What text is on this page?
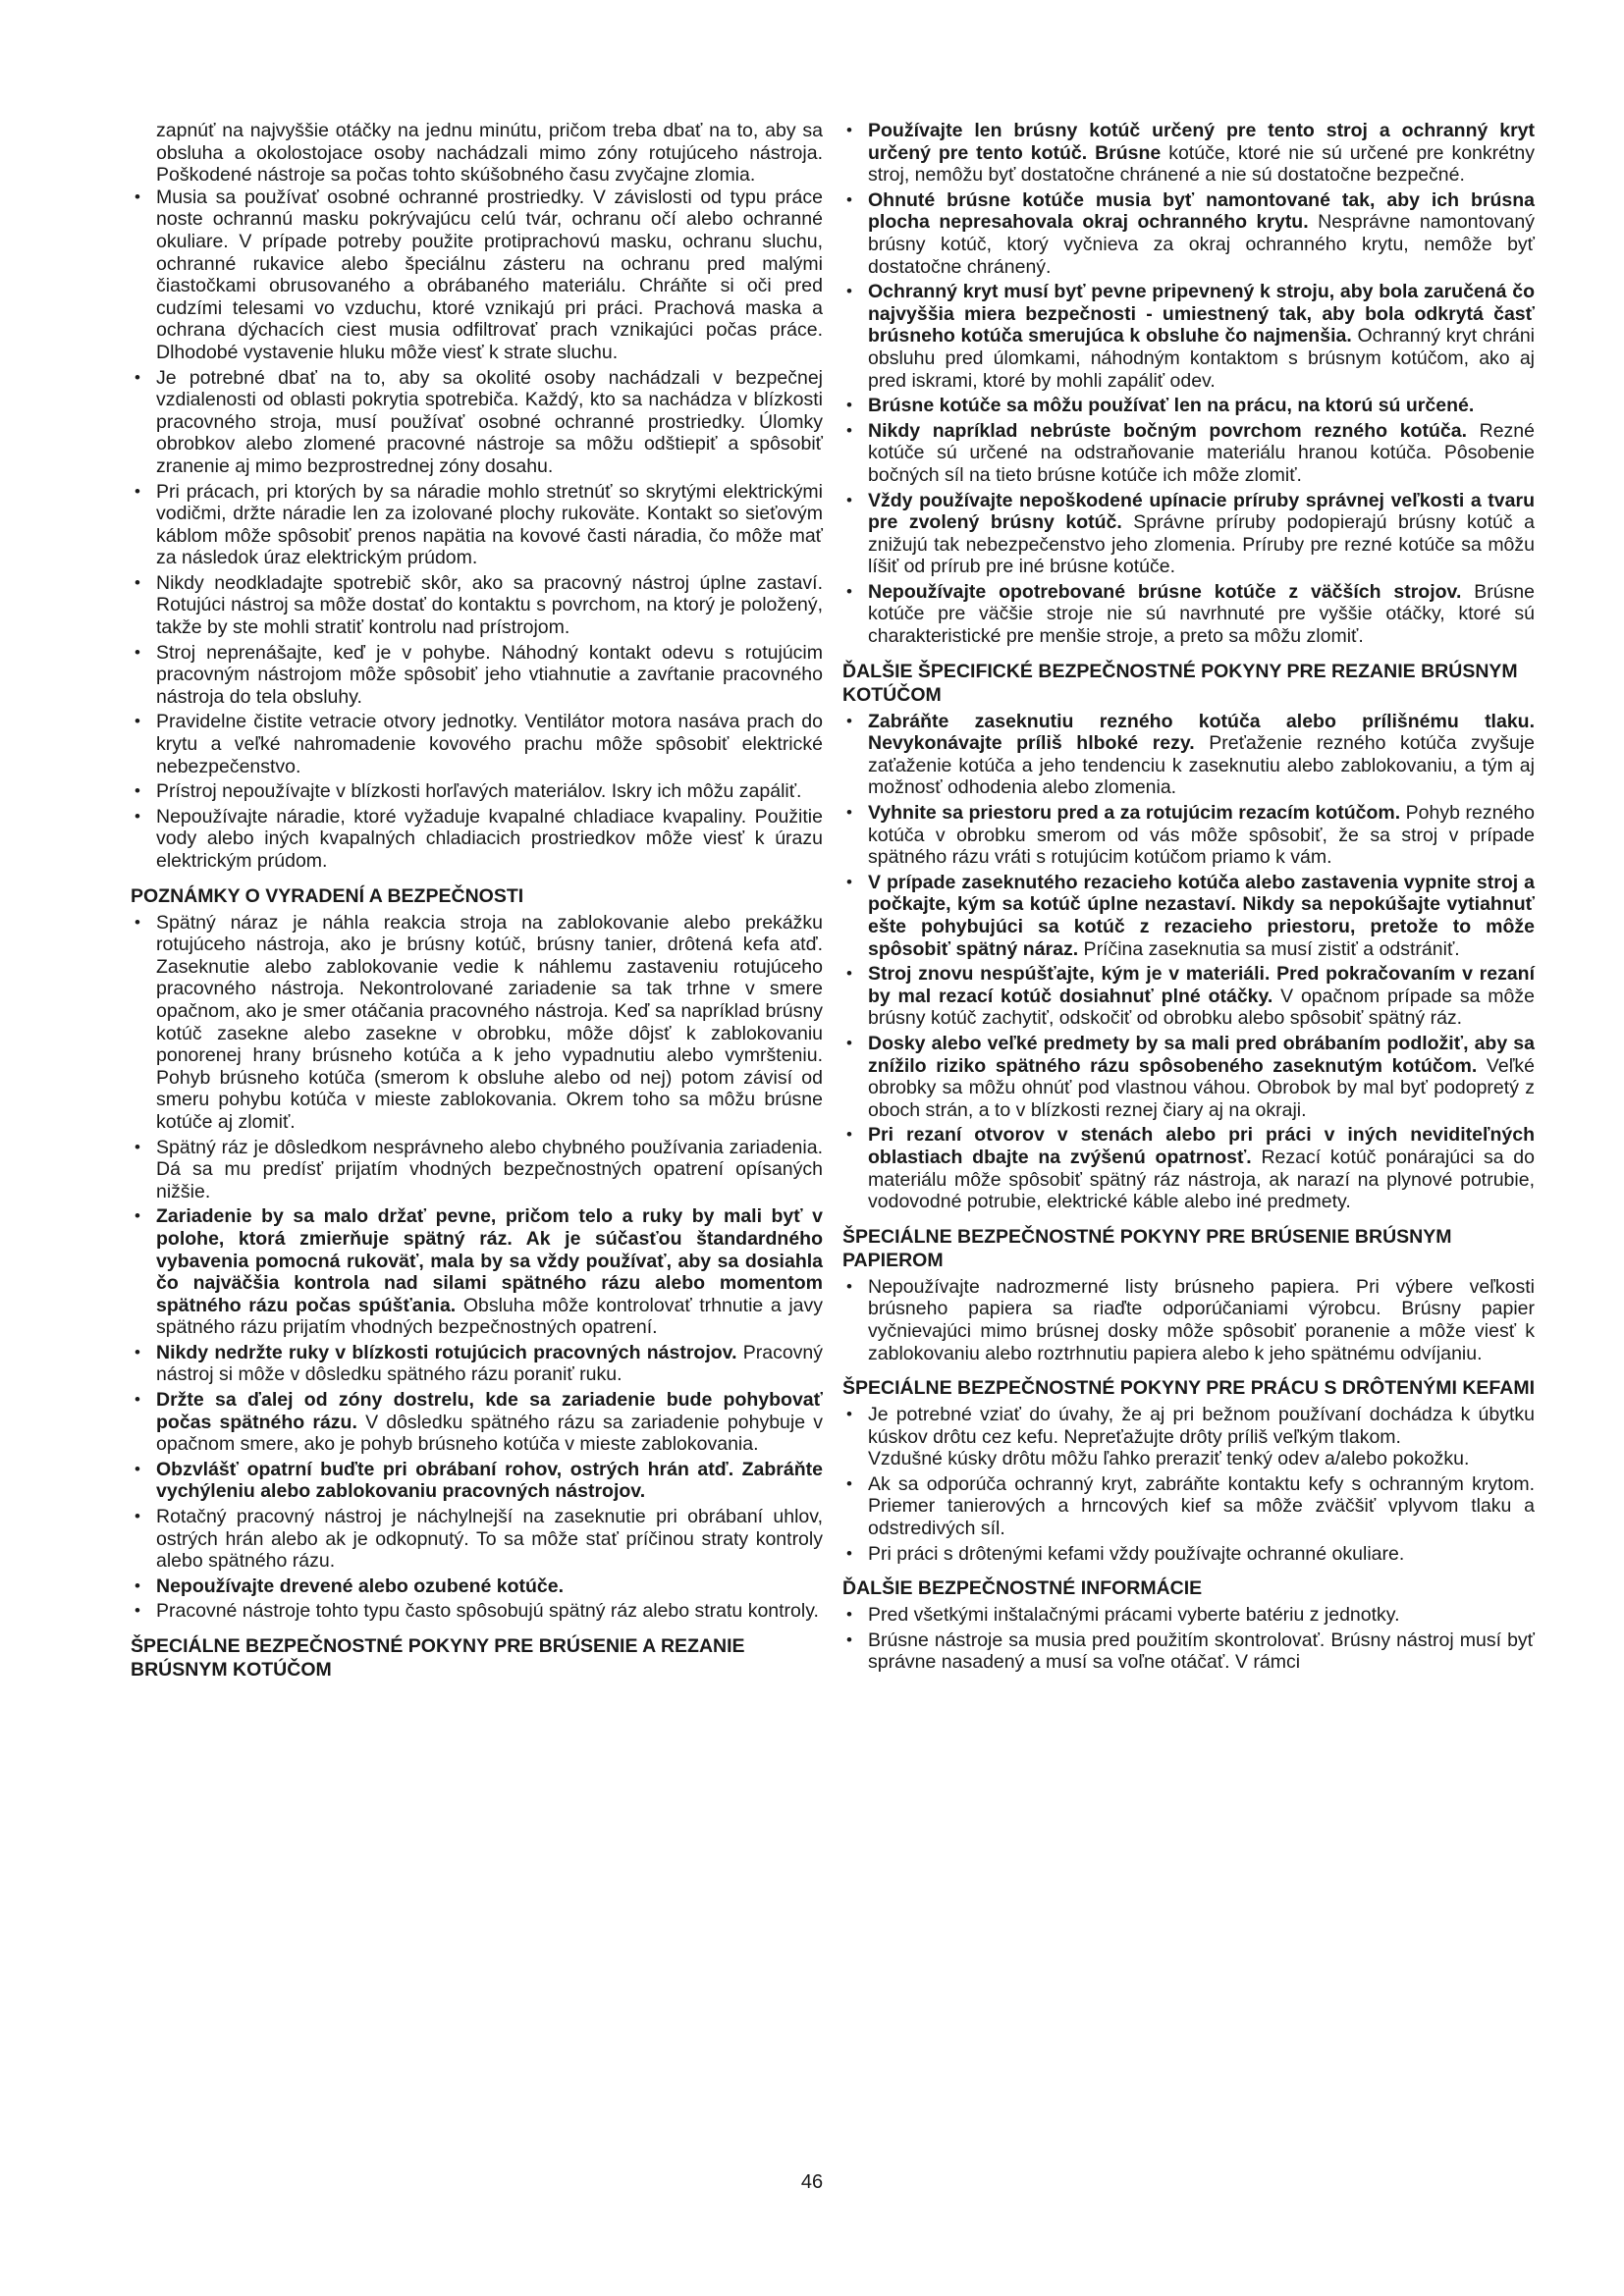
zapnúť na najvyššie otáčky na jednu minútu, pričom treba dbať na to, aby sa obsluha a okolostojace osoby nachádzali mimo zóny rotujúceho nástroja. Poškodené nástroje sa počas tohto skúšobného času zvyčajne zlomia.

• Musia sa používať osobné ochranné prostriedky. V závislosti od typu práce noste ochrannú masku pokrývajúcu celú tvár, ochranu očí alebo ochranné okuliare. V prípade potreby použite protiprachovú masku, ochranu sluchu, ochranné rukavice alebo špeciálnu zásteru na ochranu pred malými čiastočkami obrusovaného a obrábaného materiálu. Chráňte si oči pred cudzími telesami vo vzduchu, ktoré vznikajú pri práci. Prachová maska a ochrana dýchacích ciest musia odfiltrovať prach vznikajúci počas práce. Dlhodobé vystavenie hluku môže viesť k strate sluchu.
• Je potrebné dbať na to, aby sa okolité osoby nachádzali v bezpečnej vzdialenosti od oblasti pokrytia spotrebiča. Každý, kto sa nachádza v blízkosti pracovného stroja, musí používať osobné ochranné prostriedky. Úlomky obrobkov alebo zlomené pracovné nástroje sa môžu odštiepiť a spôsobiť zranenie aj mimo bezprostrednej zóny dosahu.
• Pri prácach, pri ktorých by sa náradie mohlo stretnúť so skrytými elektrickými vodičmi, držte náradie len za izolované plochy rukoväte. Kontakt so sieťovým káblom môže spôsobiť prenos napätia na kovové časti náradia, čo môže mať za následok úraz elektrickým prúdom.
• Nikdy neodkladajte spotrebič skôr, ako sa pracovný nástroj úplne zastaví. Rotujúci nástroj sa môže dostať do kontaktu s povrchom, na ktorý je položený, takže by ste mohli stratiť kontrolu nad prístrojom.
• Stroj neprenášajte, keď je v pohybe. Náhodný kontakt odevu s rotujúcim pracovným nástrojom môže spôsobiť jeho vtiahnutie a zavŕtanie pracovného nástroja do tela obsluhy.
• Pravidelne čistite vetracie otvory jednotky. Ventilátor motora nasáva prach do krytu a veľké nahromadenie kovového prachu môže spôsobiť elektrické nebezpečenstvo.
• Prístroj nepoužívajte v blízkosti horľavých materiálov. Iskry ich môžu zapáliť.
• Nepoužívajte náradie, ktoré vyžaduje kvapalné chladiace kvapaliny. Použitie vody alebo iných kvapalných chladiacich prostriedkov môže viesť k úrazu elektrickým prúdom.
POZNÁMKY O VYRADENÍ A BEZPEČNOSTI
• Spätný náraz je náhla reakcia stroja na zablokovanie alebo prekážku rotujúceho nástroja, ako je brúsny kotúč, brúsny tanier, drôtená kefa atď. Zaseknutie alebo zablokovanie vedie k náhlemu zastaveniu rotujúceho pracovného nástroja. Nekontrolované zariadenie sa tak trhne v smere opačnom, ako je smer otáčania pracovného nástroja. Keď sa napríklad brúsny kotúč zasekne alebo zasekne v obrobku, môže dôjsť k zablokovaniu ponorenej hrany brúsneho kotúča a k jeho vypadnutiu alebo vymršteniu. Pohyb brúsneho kotúča (smerom k obsluhe alebo od nej) potom závisí od smeru pohybu kotúča v mieste zablokovania. Okrem toho sa môžu brúsne kotúče aj zlomiť.
• Spätný ráz je dôsledkom nesprávneho alebo chybného používania zariadenia. Dá sa mu predísť prijatím vhodných bezpečnostných opatrení opísaných nižšie.
• Zariadenie by sa malo držať pevne, pričom telo a ruky by mali byť v polohe, ktorá zmierňuje spätný ráz. Ak je súčasťou štandardného vybavenia pomocná rukoväť, mala by sa vždy používať, aby sa dosiahla čo najväčšia kontrola nad silami spätného rázu alebo momentom spätného rázu počas spúšťania. Obsluha môže kontrolovať trhnutie a javy spätného rázu prijatím vhodných bezpečnostných opatrení.
• Nikdy nedržte ruky v blízkosti rotujúcich pracovných nástrojov. Pracovný nástroj si môže v dôsledku spätného rázu poraniť ruku.
• Držte sa ďalej od zóny dostrelu, kde sa zariadenie bude pohybovať počas spätného rázu. V dôsledku spätného rázu sa zariadenie pohybuje v opačnom smere, ako je pohyb brúsneho kotúča v mieste zablokovania.
• Obzvlášť opatrní buďte pri obrábaní rohov, ostrých hrán atď. Zabráňte vychýleniu alebo zablokovaniu pracovných nástrojov.
• Rotačný pracovný nástroj je náchylnejší na zaseknutie pri obrábaní uhlov, ostrých hrán alebo ak je odkopnutý. To sa môže stať príčinou straty kontroly alebo spätného rázu.
• Nepoužívajte drevené alebo ozubené kotúče.
• Pracovné nástroje tohto typu často spôsobujú spätný ráz alebo stratu kontroly.
ŠPECIÁLNE BEZPEČNOSTNÉ POKYNY PRE BRÚSENIE A REZANIE BRÚSNYM KOTÚČOM
• Používajte len brúsny kotúč určený pre tento stroj a ochranný kryt určený pre tento kotúč. Brúsne kotúče, ktoré nie sú určené pre konkrétny stroj, nemôžu byť dostatočne chránené a nie sú dostatočne bezpečné.
• Ohnuté brúsne kotúče musia byť namontované tak, aby ich brúsna plocha nepresahovala okraj ochranného krytu. Nesprávne namontovaný brúsny kotúč, ktorý vyčnieva za okraj ochranného krytu, nemôže byť dostatočne chránený.
• Ochranný kryt musí byť pevne pripevnený k stroju, aby bola zaručená čo najvyššia miera bezpečnosti - umiestnený tak, aby bola odkrytá časť brúsneho kotúča smerujúca k obsluhe čo najmenšia. Ochranný kryt chráni obsluhu pred úlomkami, náhodným kontaktom s brúsnym kotúčom, ako aj pred iskrami, ktoré by mohli zapáliť odev.
• Brúsne kotúče sa môžu používať len na prácu, na ktorú sú určené.
• Nikdy napríklad nebrúste bočným povrchom rezného kotúča. Rezné kotúče sú určené na odstraňovanie materiálu hranou kotúča. Pôsobenie bočných síl na tieto brúsne kotúče ich môže zlomiť.
• Vždy používajte nepoškodené upínacie príruby správnej veľkosti a tvaru pre zvolený brúsny kotúč. Správne príruby podopierajú brúsny kotúč a znižujú tak nebezpečenstvo jeho zlomenia. Príruby pre rezné kotúče sa môžu líšiť od prírub pre iné brúsne kotúče.
• Nepoužívajte opotrebované brúsne kotúče z väčších strojov. Brúsne kotúče pre väčšie stroje nie sú navrhnuté pre vyššie otáčky, ktoré sú charakteristické pre menšie stroje, a preto sa môžu zlomiť.
ĎALŠIE ŠPECIFICKÉ BEZPEČNOSTNÉ POKYNY PRE REZANIE BRÚSNYM KOTÚČOM
• Zabráňte zaseknutiu rezného kotúča alebo prílišnému tlaku. Nevykonávajte príliš hlboké rezy. Preťaženie rezného kotúča zvyšuje zaťaženie kotúča a jeho tendenciu k zaseknutiu alebo zablokovaniu, a tým aj možnosť odhodenia alebo zlomenia.
• Vyhnite sa priestoru pred a za rotujúcim rezacím kotúčom. Pohyb rezného kotúča v obrobku smerom od vás môže spôsobiť, že sa stroj v prípade spätného rázu vráti s rotujúcim kotúčom priamo k vám.
• V prípade zaseknutého rezacieho kotúča alebo zastavenia vypnite stroj a počkajte, kým sa kotúč úplne nezastaví. Nikdy sa nepokúšajte vytiahnuť ešte pohybujúci sa kotúč z rezacieho priestoru, pretože to môže spôsobiť spätný náraz. Príčina zaseknutia sa musí zistiť a odstrániť.
• Stroj znovu nespúšťajte, kým je v materiáli. Pred pokračovaním v rezaní by mal rezací kotúč dosiahnuť plné otáčky. V opačnom prípade sa môže brúsny kotúč zachytiť, odskočiť od obrobku alebo spôsobiť spätný ráz.
• Dosky alebo veľké predmety by sa mali pred obrábaním podložiť, aby sa znížilo riziko spätného rázu spôsobeného zaseknutým kotúčom. Veľké obrobky sa môžu ohnúť pod vlastnou váhou. Obrobok by mal byť podopretý z oboch strán, a to v blízkosti reznej čiary aj na okraji.
• Pri rezaní otvorov v stenách alebo pri práci v iných neviditeľných oblastiach dbajte na zvýšenú opatrnosť. Rezací kotúč ponárajúci sa do materiálu môže spôsobiť spätný ráz nástroja, ak narazí na plynové potrubie, vodovodné potrubie, elektrické káble alebo iné predmety.
ŠPECIÁLNE BEZPEČNOSTNÉ POKYNY PRE BRÚSENIE BRÚSNYM PAPIEROM
• Nepoužívajte nadrozmerné listy brúsneho papiera. Pri výbere veľkosti brúsneho papiera sa riaďte odporúčaniami výrobcu. Brúsny papier vyčnievajúci mimo brúsnej dosky môže spôsobiť poranenie a môže viesť k zablokovaniu alebo roztrhnutiu papiera alebo k jeho spätnému odvíjaniu.
ŠPECIÁLNE BEZPEČNOSTNÉ POKYNY PRE PRÁCU S DRÔTENÝMI KEFAMI
• Je potrebné vziať do úvahy, že aj pri bežnom používaní dochádza k úbytku kúskov drôtu cez kefu. Nepreťažujte drôty príliš veľkým tlakom.
Vzdušné kúsky drôtu môžu ľahko preraziť tenký odev a/alebo pokožku.
• Ak sa odporúča ochranný kryt, zabráňte kontaktu kefy s ochranným krytom. Priemer tanierových a hrncových kief sa môže zväčšiť vplyvom tlaku a odstredivých síl.
• Pri práci s drôtenými kefami vždy používajte ochranné okuliare.
ĎALŠIE BEZPEČNOSTNÉ INFORMÁCIE
• Pred všetkými inštalačnými prácami vyberte batériu z jednotky.
• Brúsne nástroje sa musia pred použitím skontrolovať. Brúsny nástroj musí byť správne nasadený a musí sa voľne otáčať. V rámci
46
